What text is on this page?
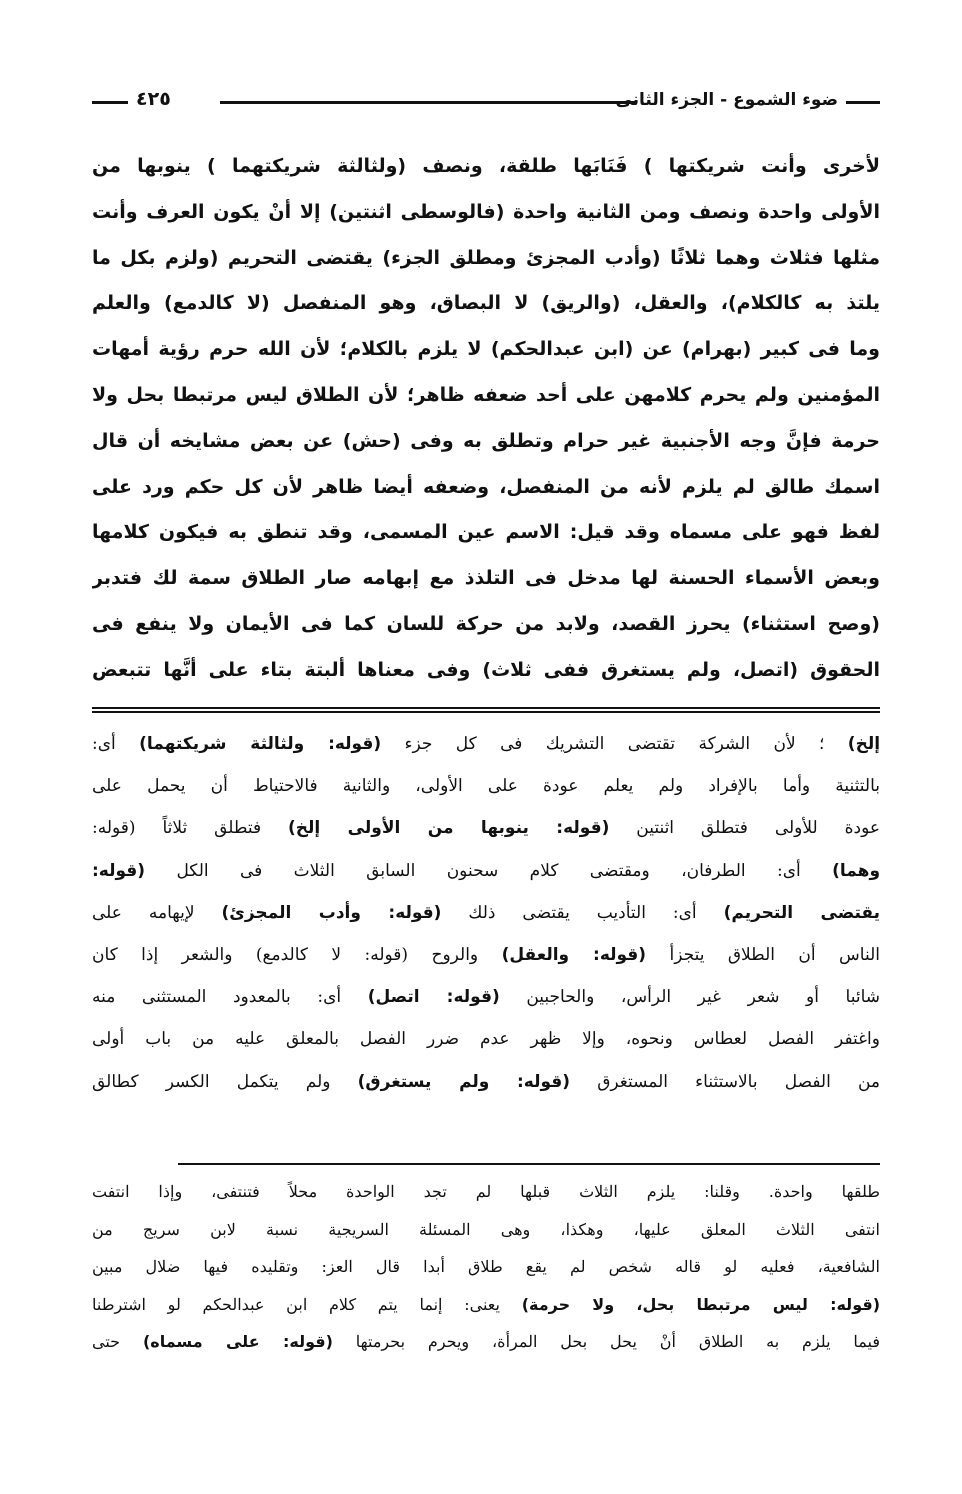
ضوء الشموع - الجزء الثانى
٤٢٥
لأخرى وأنت شريكتها ) فَنَابَها طلقة، ونصف (ولثالثة شريكتهما ) ينوبها من
الأولى واحدة ونصف ومن الثانية واحدة (فالوسطى اثنتين) إلا أنْ يكون العرف وأنت
مثلها فثلاث وهما ثلاثًا (وأدب المجزئ ومطلق الجزء) يقتضى التحريم (ولزم بكل ما
يلتذ به كالكلام)، والعقل، (والريق) لا البصاق، وهو المنفصل (لا كالدمع) والعلم
وما فى كبير (بهرام) عن (ابن عبدالحكم) لا يلزم بالكلام؛ لأن الله حرم رؤية أمهات
المؤمنين ولم يحرم كلامهن على أحد ضعفه ظاهر؛ لأن الطلاق ليس مرتبطا بحل ولا
حرمة فإنَّ وجه الأجنبية غير حرام وتطلق به وفى (حش) عن بعض مشايخه أن قال
اسمك طالق لم يلزم لأنه من المنفصل، وضعفه أيضا ظاهر لأن كل حكم ورد على
لفظ فهو على مسماه وقد قيل: الاسم عين المسمى، وقد تنطق به فيكون كلامها
وبعض الأسماء الحسنة لها مدخل فى التلذذ مع إبهامه صار الطلاق سمة لك فتدبر
(وصح استثناء) يحرز القصد، ولابد من حركة للسان كما فى الأيمان ولا ينفع فى
الحقوق (اتصل، ولم يستغرق ففى ثلاث) وفى معناها ألبتة بتاء على أنَّها تتبعض
إلخ) ؛ لأن الشركة تقتضى التشريك فى كل جزء (قوله: ولثالثة شريكتهما) أى:
بالتثنية وأما بالإفراد ولم يعلم عودة على الأولى، والثانية فالاحتياط أن يحمل على
عودة للأولى فتطلق اثنتين (قوله: ينوبها من الأولى إلخ) فتطلق ثلاثاً (قوله:
وهما) أى: الطرفان، ومقتضى كلام سحنون السابق الثلاث فى الكل (قوله:
يقتضى التحريم) أى: التأديب يقتضى ذلك (قوله: وأدب المجزئ) لإيهامه على
الناس أن الطلاق يتجزأ (قوله: والعقل) والروح (قوله: لا كالدمع) والشعر إذا كان
شائبا أو شعر غير الرأس، والحاجبين (قوله: اتصل) أى: بالمعدود المستثنى منه
واغتفر الفصل لعطاس ونحوه، وإلا ظهر عدم ضرر الفصل بالمعلق عليه من باب أولى
من الفصل بالاستثناء المستغرق (قوله: ولم يستغرق) ولم يتكمل الكسر كطالق
طلقها واحدة. وقلنا: يلزم الثلاث قبلها لم تجد الواحدة محلاً فتنتفى، وإذا انتفت
انتفى الثلاث المعلق عليها، وهكذا، وهى المسئلة السريجية نسبة لابن سريج من
الشافعية، فعليه لو قاله شخص لم يقع طلاق أبدا قال العز: وتقليده فيها ضلال مبين
(قوله: ليس مرتبطا بحل، ولا حرمة) يعنى: إنما يتم كلام ابن عبدالحكم لو اشترطنا
فيما يلزم به الطلاق أنْ يحل بحل المرأة، ويحرم بحرمتها (قوله: على مسماه) حتى
